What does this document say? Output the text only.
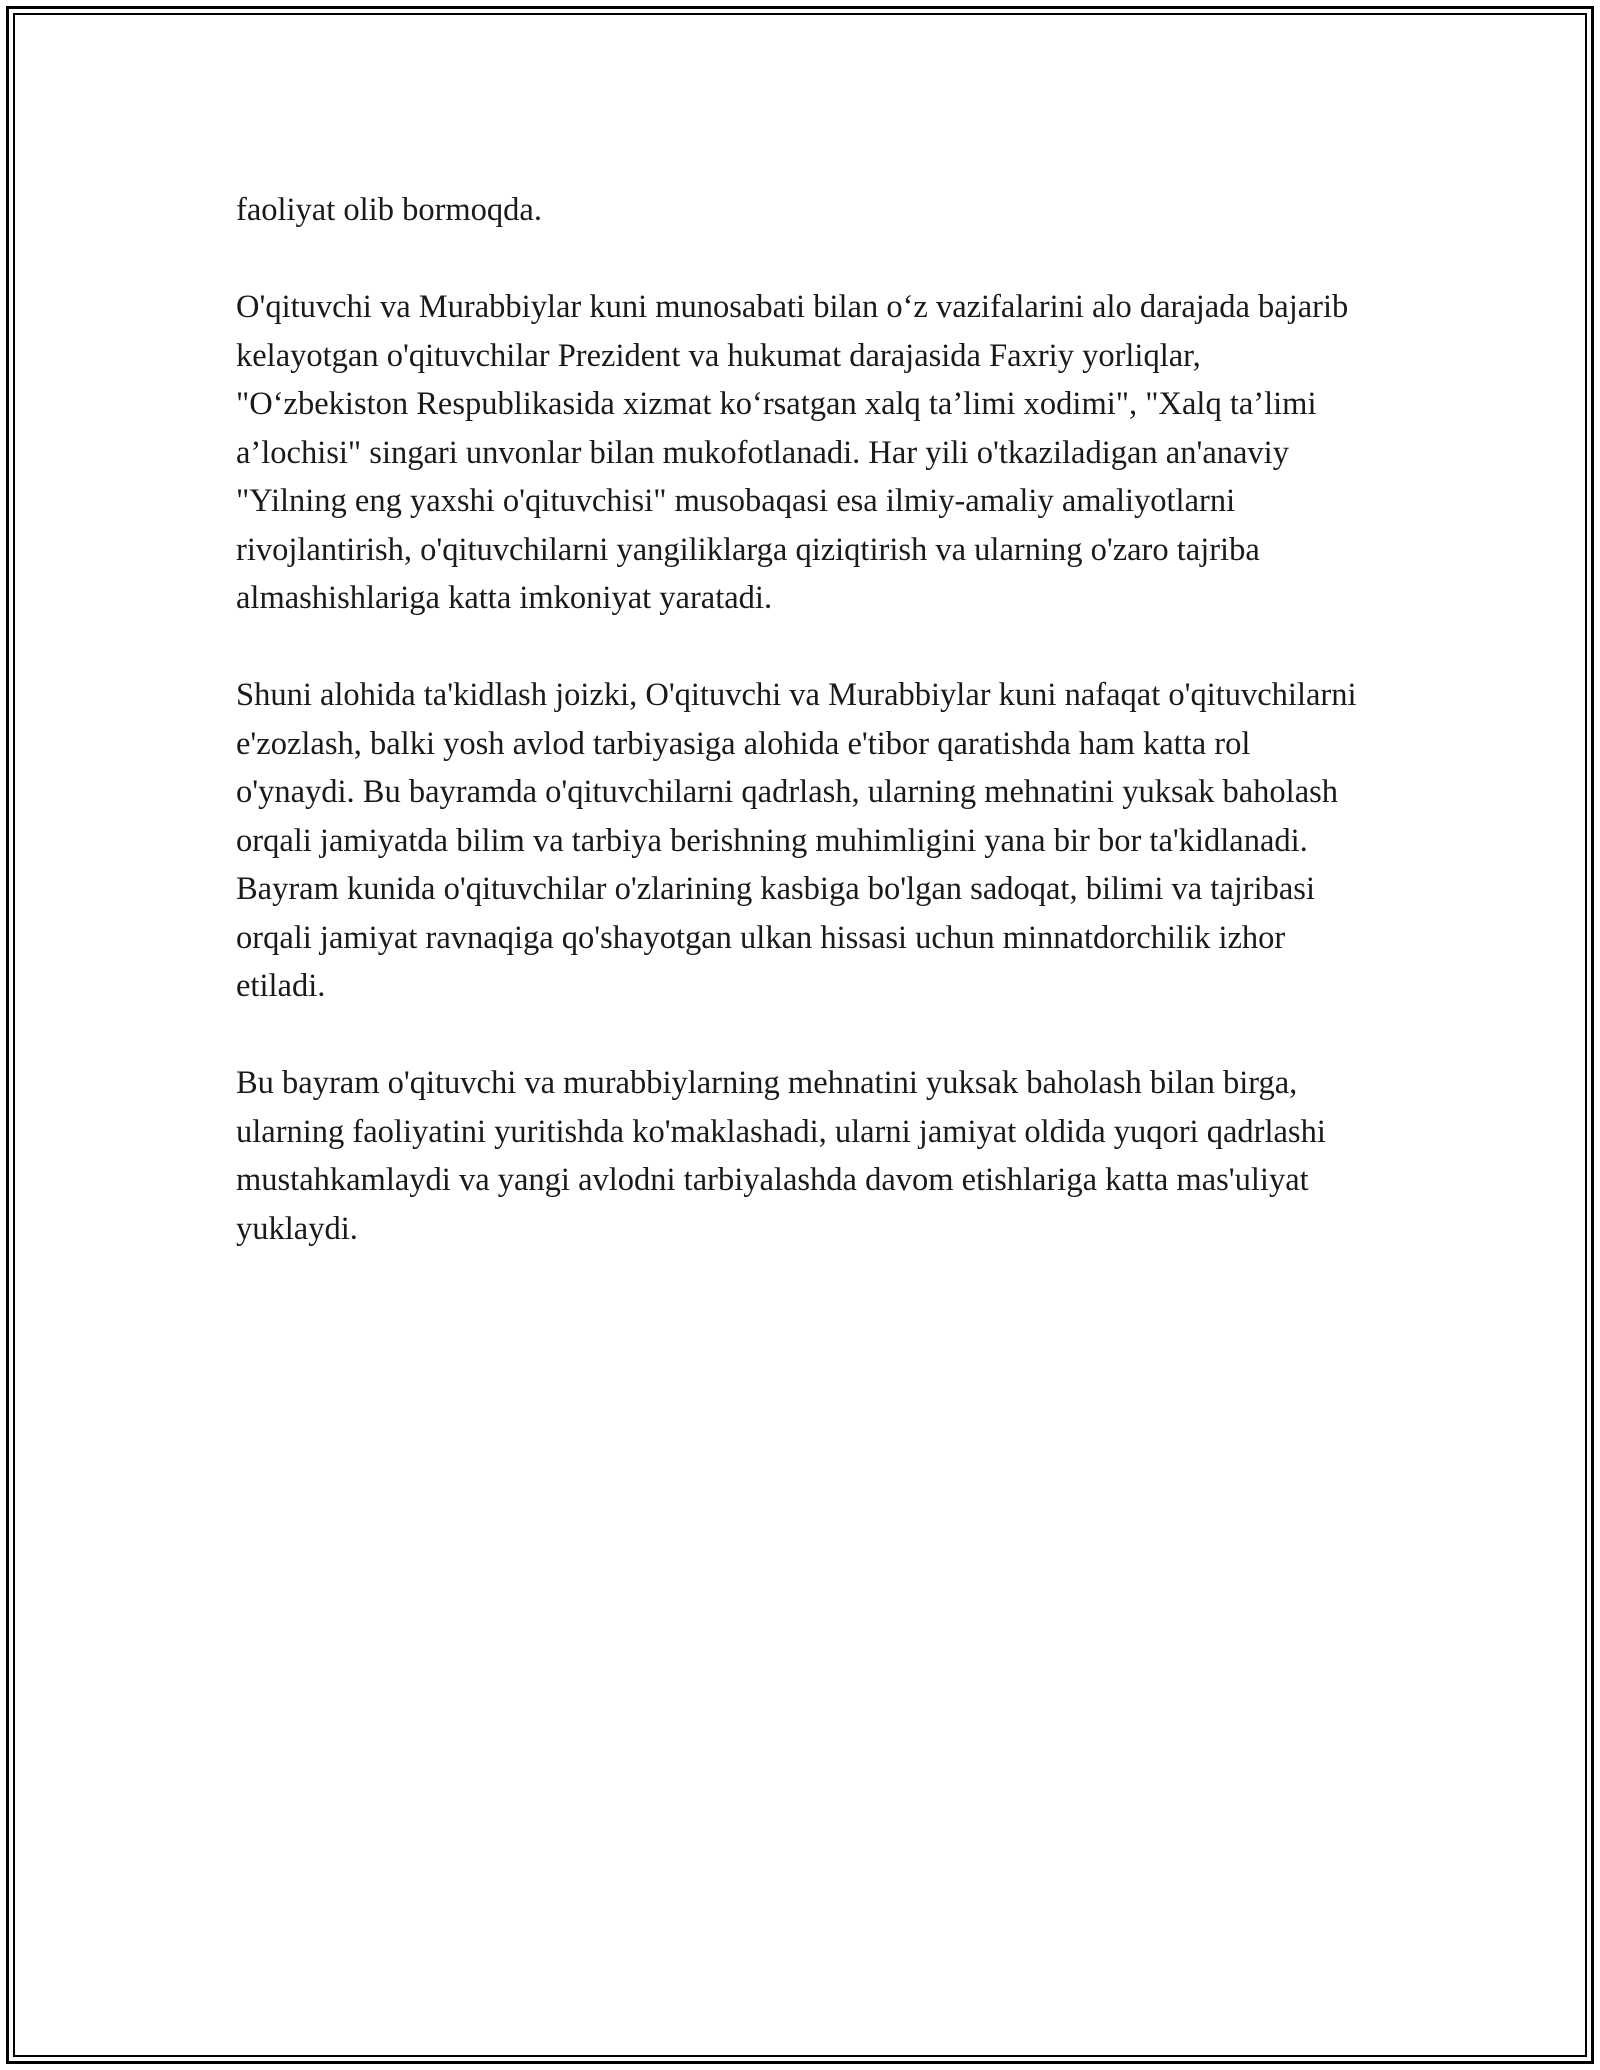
faoliyat olib bormoqda.

O'qituvchi va Murabbiylar kuni munosabati bilan o‘z vazifalarini alo darajada bajarib kelayotgan o'qituvchilar Prezident va hukumat darajasida Faxriy yorliqlar, "O‘zbekiston Respublikasida xizmat ko‘rsatgan xalq ta’limi xodimi", "Xalq ta’limi a’lochisi" singari unvonlar bilan mukofotlanadi. Har yili o'tkaziladigan an'anaviy "Yilning eng yaxshi o'qituvchisi" musobaqasi esa ilmiy-amaliy amaliyotlarni rivojlantirish, o'qituvchilarni yangiliklarga qiziqtirish va ularning o'zaro tajriba almashishlariga katta imkoniyat yaratadi.

Shuni alohida ta'kidlash joizki, O'qituvchi va Murabbiylar kuni nafaqat o'qituvchilarni e'zozlash, balki yosh avlod tarbiyasiga alohida e'tibor qaratishda ham katta rol o'ynaydi. Bu bayramda o'qituvchilarni qadrlash, ularning mehnatini yuksak baholash orqali jamiyatda bilim va tarbiya berishning muhimligini yana bir bor ta'kidlanadi. Bayram kunida o'qituvchilar o'zlarining kasbiga bo'lgan sadoqat, bilimi va tajribasi orqali jamiyat ravnaqiga qo'shayotgan ulkan hissasi uchun minnatdorchilik izhor etiladi.

Bu bayram o'qituvchi va murabbiylarning mehnatini yuksak baholash bilan birga, ularning faoliyatini yuritishda ko'maklashadi, ularni jamiyat oldida yuqori qadrlashi mustahkamlaydi va yangi avlodni tarbiyalashda davom etishlariga katta mas'uliyat yuklaydi.
